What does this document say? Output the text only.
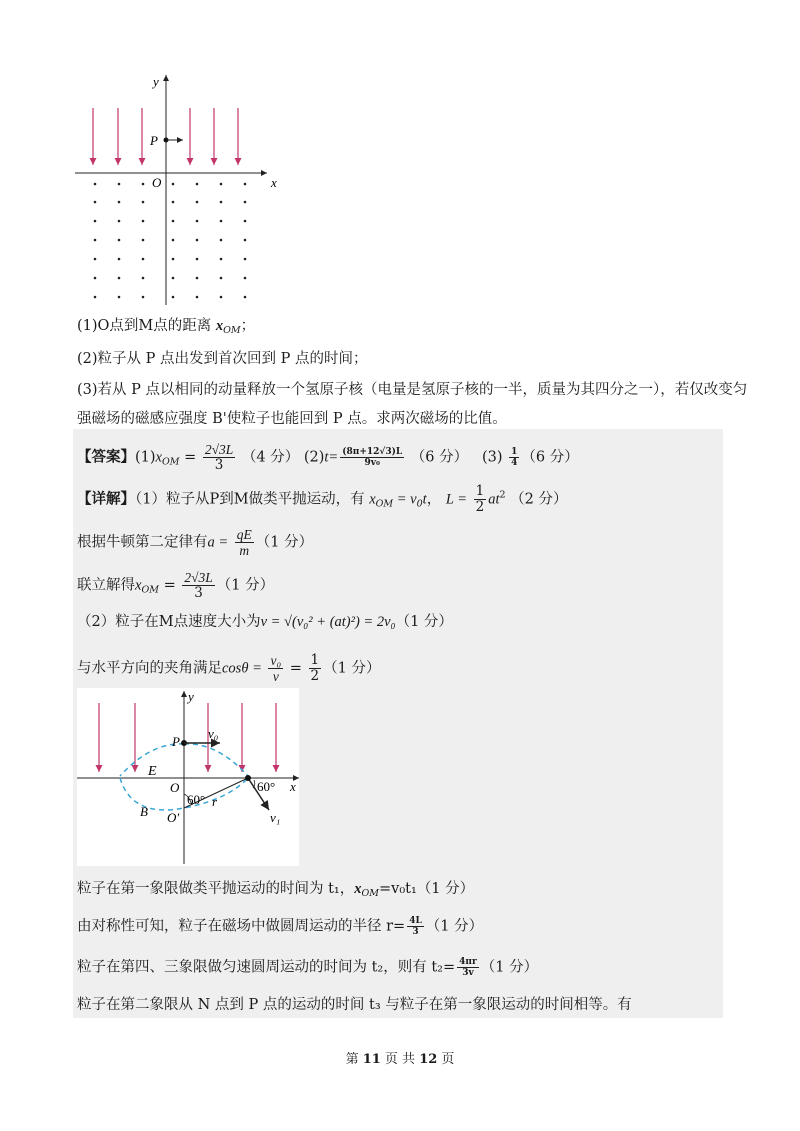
x
y
O
P
(1)O点到M点的距离 $x_{OM}$；
(2)粒子从 P 点出发到首次回到 P 点的时间；
(3)若从 P 点以相同的动量释放一个氢原子核（电量是氢原子核的一半，质量为其四分之一），若仅改变匀
强磁场的磁感应强度 B'使粒子也能回到 P 点。求两次磁场的比值。
【答案】$(1)x_{OM} = \frac{2√3L}{3} (4$ 分） $(2)t= \frac{(8\pi+12√3)L}{\text{9v₀}} (6$ 分） $(3) \frac{1}{4} (6$ 分）
【详解】（1）粒子从P到M做类平抛运动，有 $x_{OM} = v_0t$， $L = \frac{1}{2} at^2$ （2 分）
根据牛顿第二定律有$a = \frac{qE}{m} (1$ 分）
联立解得$x_{OM} = \frac{2√3L}{3} (1$ 分）
（2）粒子在M点速度大小为v = √(v₀² + (at)²) = 2v₀（1 分）
与水平方向的夹角满足$\cos\theta = \frac{\text{v₀}}{v} = \frac{1}{2} (1$ 分）
x
y
P
v₀
E
O
60°
60°
r
B O′	v₁
粒子在第一象限做类平抛运动的时间为 t₁，$x_{OM}=v_0t_1(1$ 分）
由对称性可知，粒子在磁场中做圆周运动的半径 $r= \frac{4L}{3} (1$ 分）
粒子在第四、三象限做匀速圆周运动的时间为 t₂，则有 $t_2= \frac{4\pi r}{3v} (1$ 分）
粒子在第二象限从 N 点到 P 点的运动的时间 t₃ 与粒子在第一象限运动的时间相等。有
第 11 页 共 12 页
